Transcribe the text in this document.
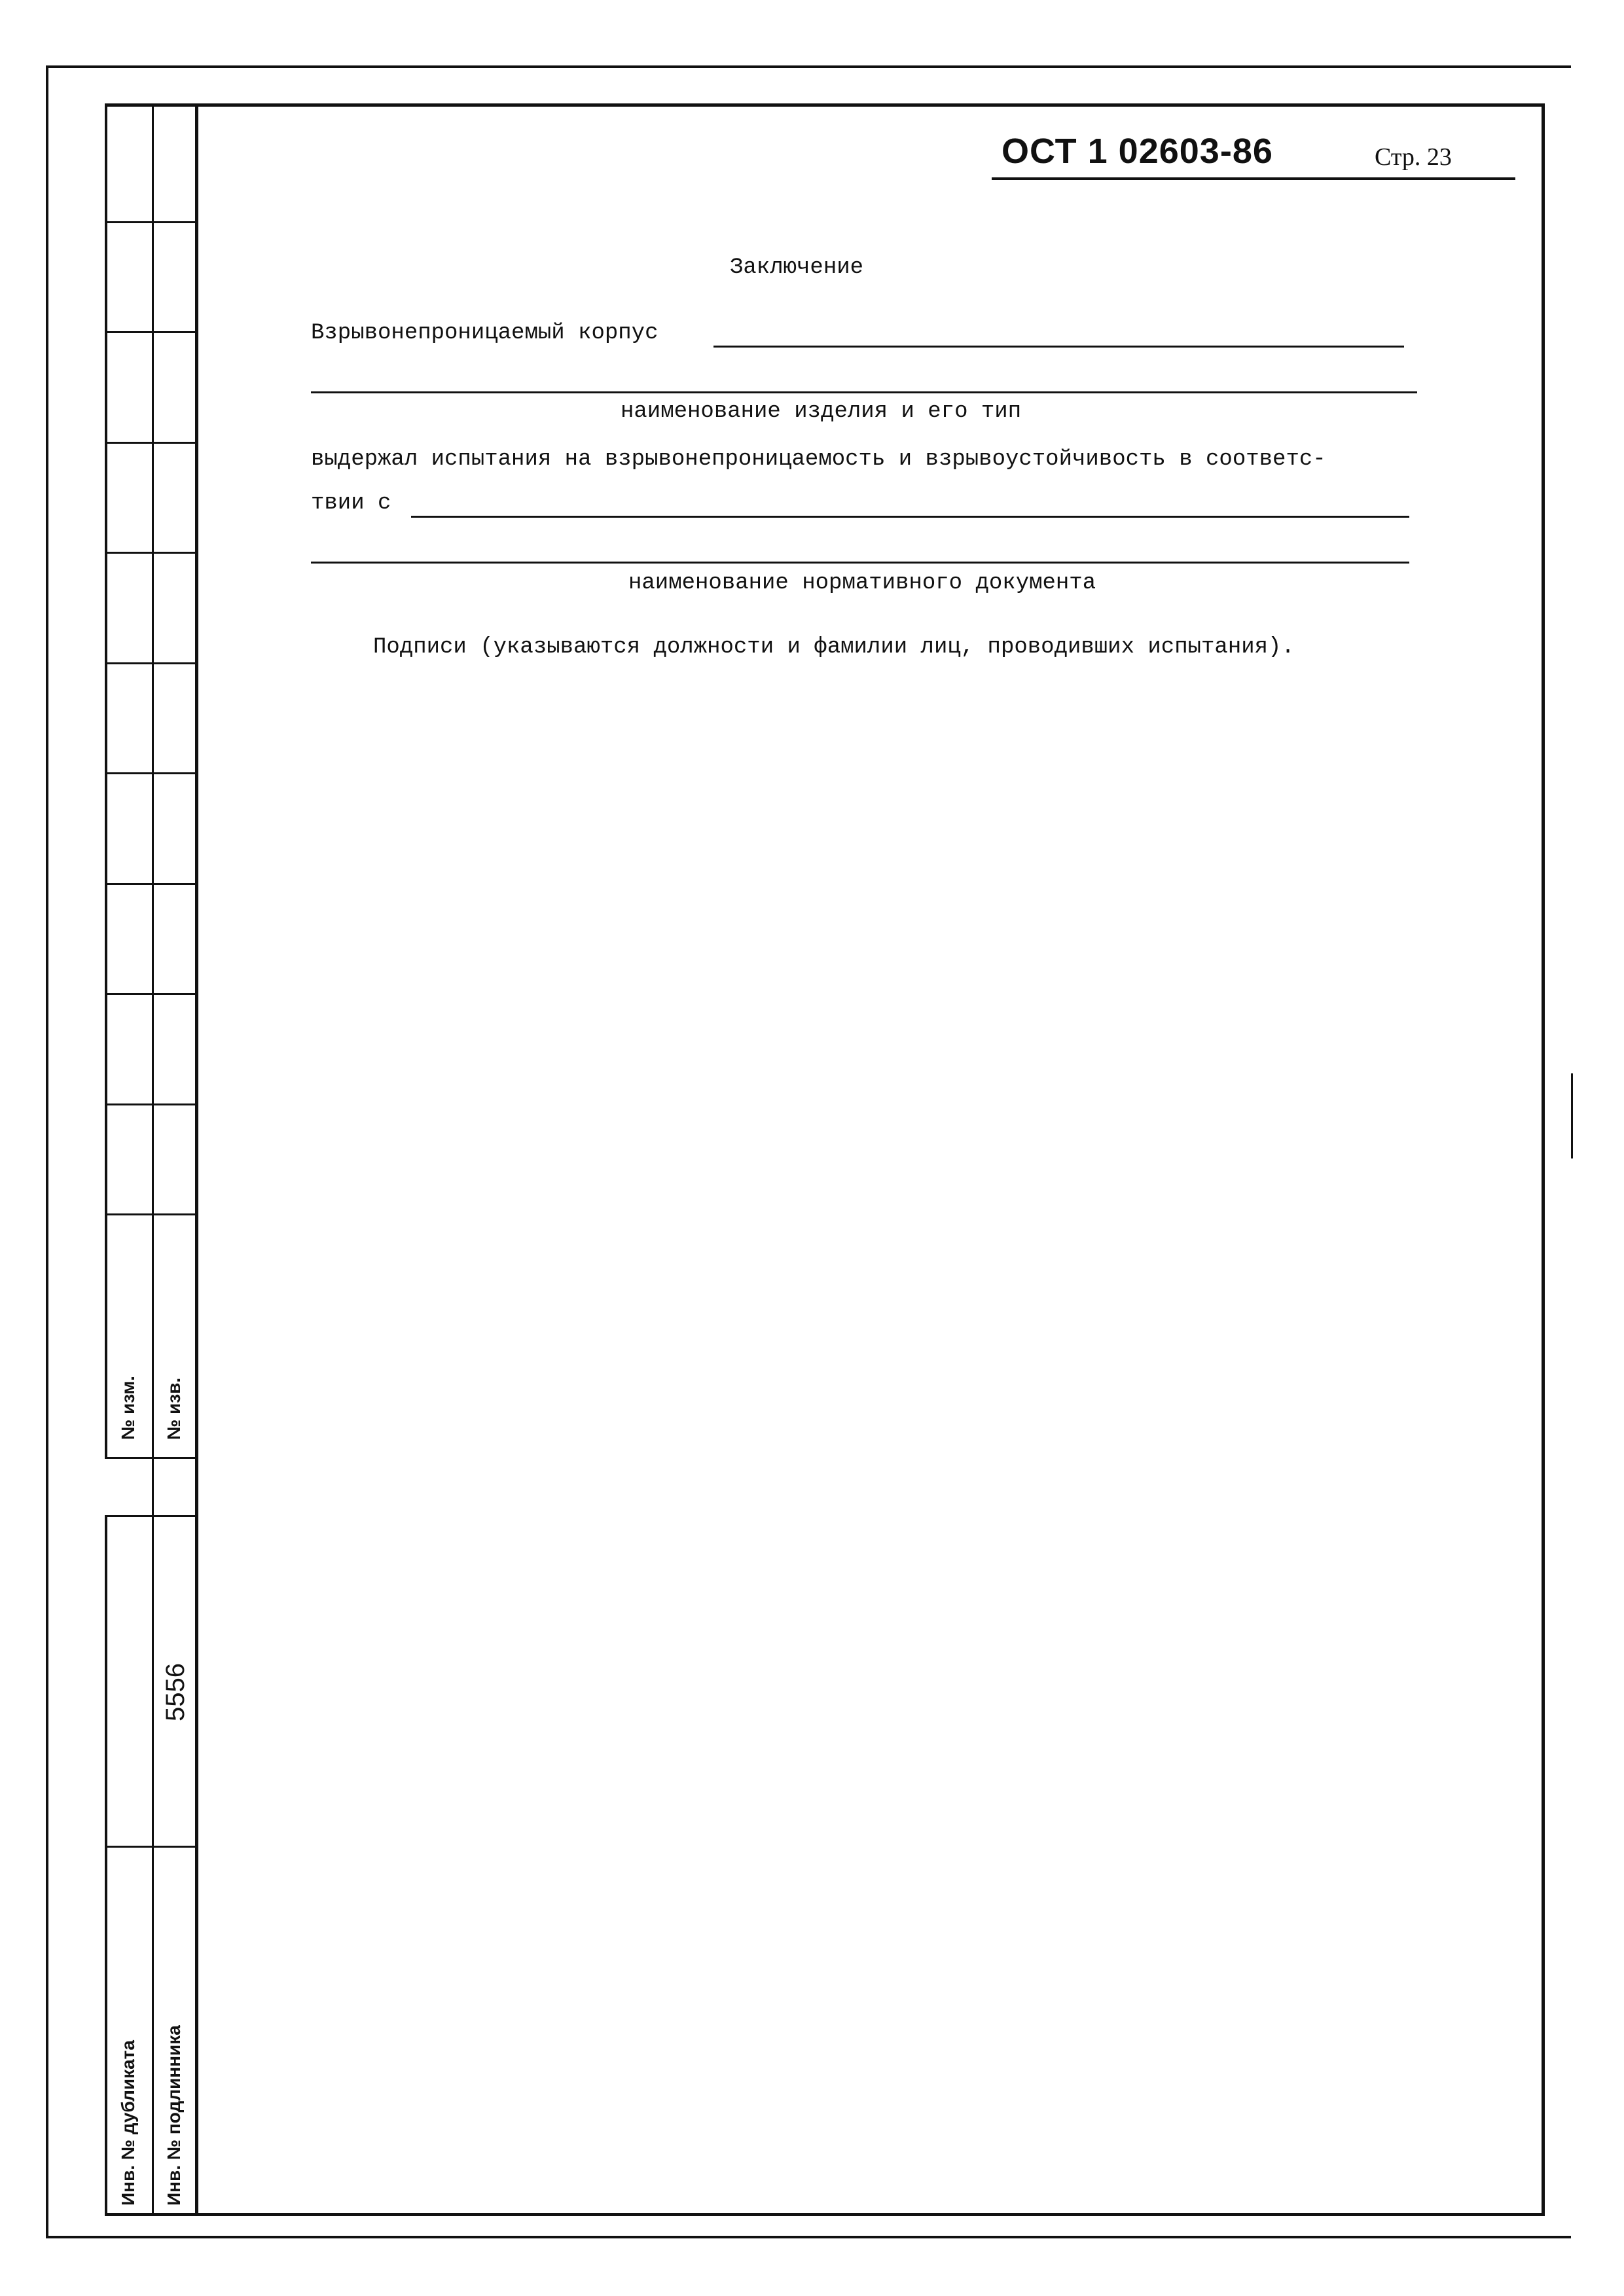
№ изм. № изв.
Инв. № дубликата Инв. № подлинника
5556
ОСТ 1 02603-86	Стр. 23
Заключение
Взрывонепроницаемый корпус
наименование изделия и его тип
выдержал испытания на взрывонепроницаемость и взрывоустойчивость в соответс-
твии с
наименование нормативного документа
Подписи (указываются должности и фамилии лиц, проводивших испытания).
